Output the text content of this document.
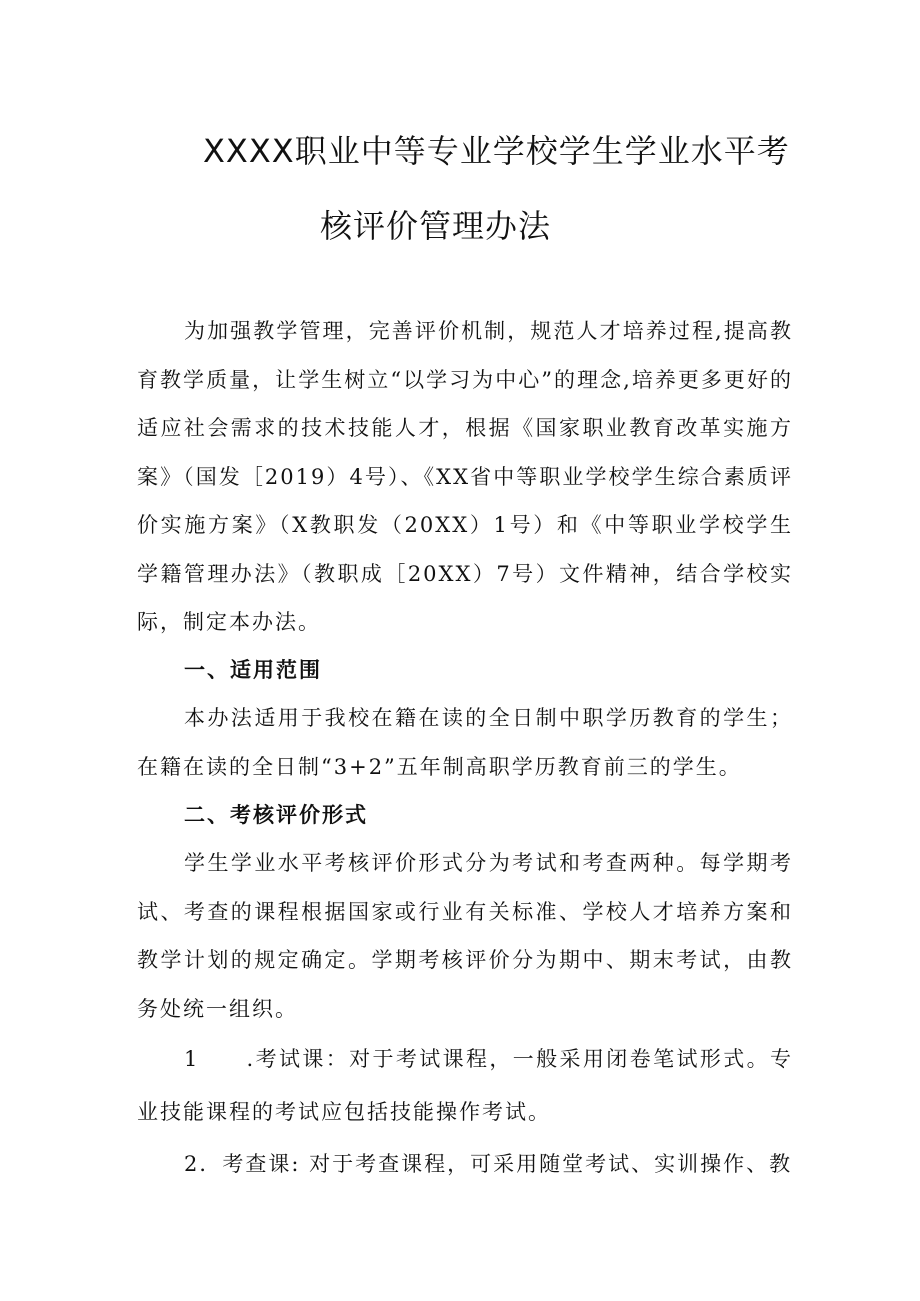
XXXX职业中等专业学校学生学业水平考
核评价管理办法

为加强教学管理，完善评价机制，规范人才培养过程,提高教育教学质量，让学生树立“以学习为中心”的理念,培养更多更好的适应社会需求的技术技能人才，根据《国家职业教育改革实施方案》（国发［2019）4号）、《XX省中等职业学校学生综合素质评价实施方案》（X教职发（20XX）1号）和《中等职业学校学生学籍管理办法》（教职成［20XX）7号）文件精神，结合学校实际，制定本办法。

一、适用范围

本办法适用于我校在籍在读的全日制中职学历教育的学生；在籍在读的全日制“3+2”五年制高职学历教育前三的学生。

二、考核评价形式

学生学业水平考核评价形式分为考试和考查两种。每学期考试、考查的课程根据国家或行业有关标准、学校人才培养方案和教学计划的规定确定。学期考核评价分为期中、期末考试，由教务处统一组织。

1　　.考试课：对于考试课程，一般采用闭卷笔试形式。专业技能课程的考试应包括技能操作考试。

2．考查课: 对于考查课程，可采用随堂考试、实训操作、教
